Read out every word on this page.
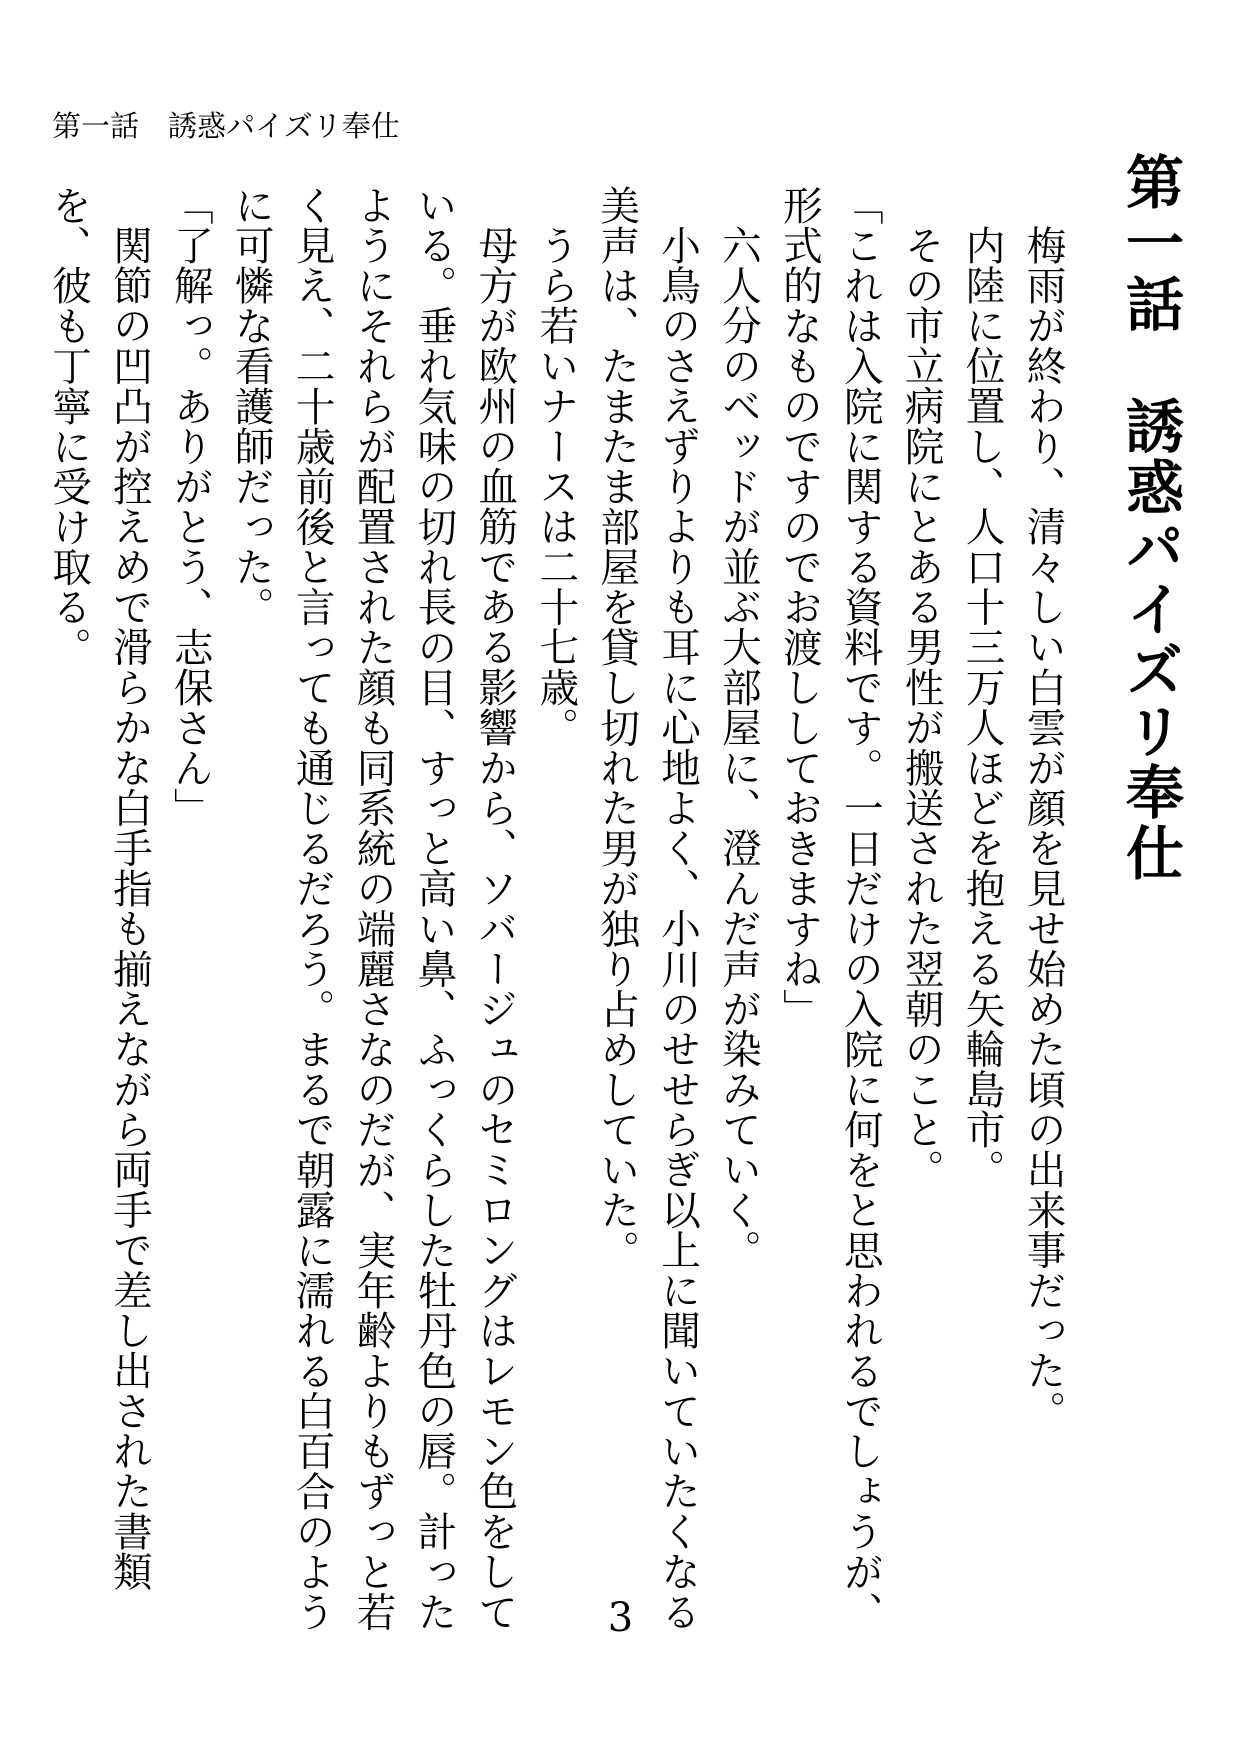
第一話　誘惑パイズリ奉仕
第一話　誘惑パイズリ奉仕

梅雨が終わり、清々しい白雲が顔を見せ始めた頃の出来事だった。

内陸に位置し、人口十三万人ほどを抱える矢輪島市。

その市立病院にとある男性が搬送された翌朝のこと。

「これは入院に関する資料です。一日だけの入院に何をと思われるでしょうが、形式的なものですのでお渡ししておきますね」

六人分のベッドが並ぶ大部屋に、澄んだ声が染みていく。

小鳥のさえずりよりも耳に心地よく、小川のせせらぎ以上に聞いていたくなる美声は、たまたま部屋を貸し切れた男が独り占めしていた。

うら若いナースは二十七歳。

母方が欧州の血筋である影響から、ソバージュのセミロングはレモン色をしている。垂れ気味の切れ長の目、すっと高い鼻、ふっくらした牡丹色の唇。計ったようにそれらが配置された顔も同系統の端麗さなのだが、実年齢よりもずっと若く見え、二十歳前後と言っても通じるだろう。まるで朝露に濡れる白百合のように可憐な看護師だった。

「了解っ。ありがとう、志保さん」

関節の凹凸が控えめで滑らかな白手指も揃えながら両手で差し出された書類を、彼も丁寧に受け取る。

3
